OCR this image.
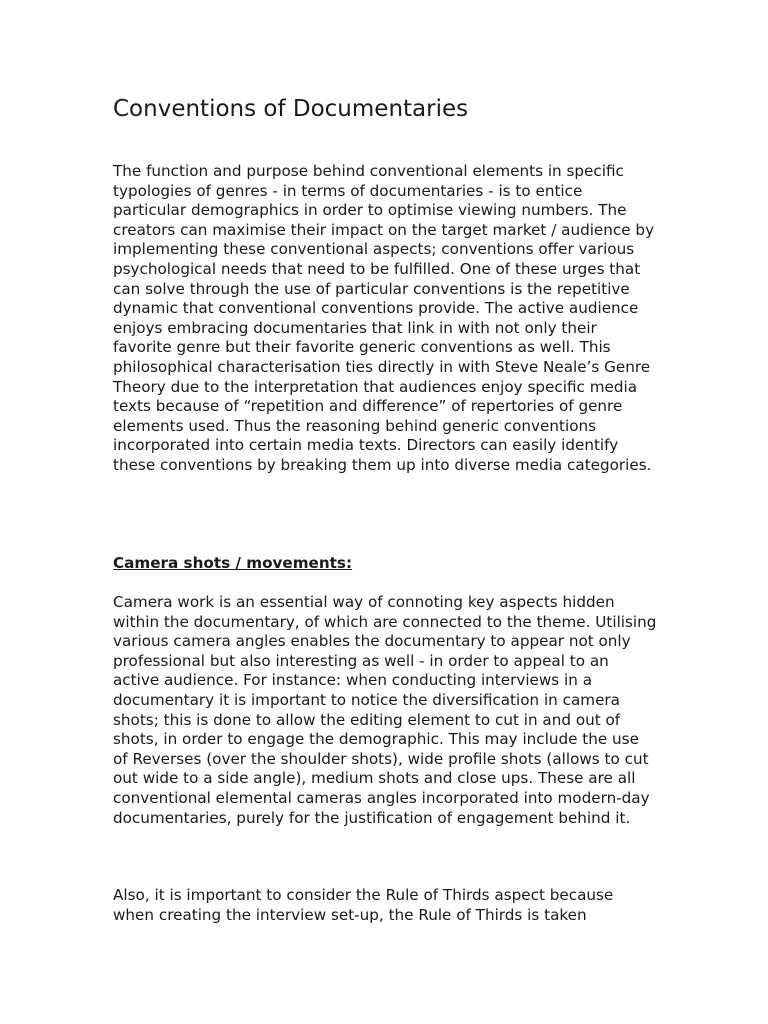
Conventions of Documentaries

The function and purpose behind conventional elements in specific typologies of genres - in terms of documentaries - is to entice particular demographics in order to optimise viewing numbers. The creators can maximise their impact on the target market / audience by implementing these conventional aspects; conventions offer various psychological needs that need to be fulfilled. One of these urges that can solve through the use of particular conventions is the repetitive dynamic that conventional conventions provide. The active audience enjoys embracing documentaries that link in with not only their favorite genre but their favorite generic conventions as well. This philosophical characterisation ties directly in with Steve Neale’s Genre Theory due to the interpretation that audiences enjoy specific media texts because of “repetition and difference” of repertories of genre elements used. Thus the reasoning behind generic conventions incorporated into certain media texts. Directors can easily identify these conventions by breaking them up into diverse media categories.

Camera shots / movements:

Camera work is an essential way of connoting key aspects hidden within the documentary, of which are connected to the theme. Utilising various camera angles enables the documentary to appear not only professional but also interesting as well - in order to appeal to an active audience. For instance: when conducting interviews in a documentary it is important to notice the diversification in camera shots; this is done to allow the editing element to cut in and out of shots, in order to engage the demographic. This may include the use of Reverses (over the shoulder shots), wide profile shots (allows to cut out wide to a side angle), medium shots and close ups. These are all conventional elemental cameras angles incorporated into modern-day documentaries, purely for the justification of engagement behind it.

Also, it is important to consider the Rule of Thirds aspect because when creating the interview set-up, the Rule of Thirds is taken
